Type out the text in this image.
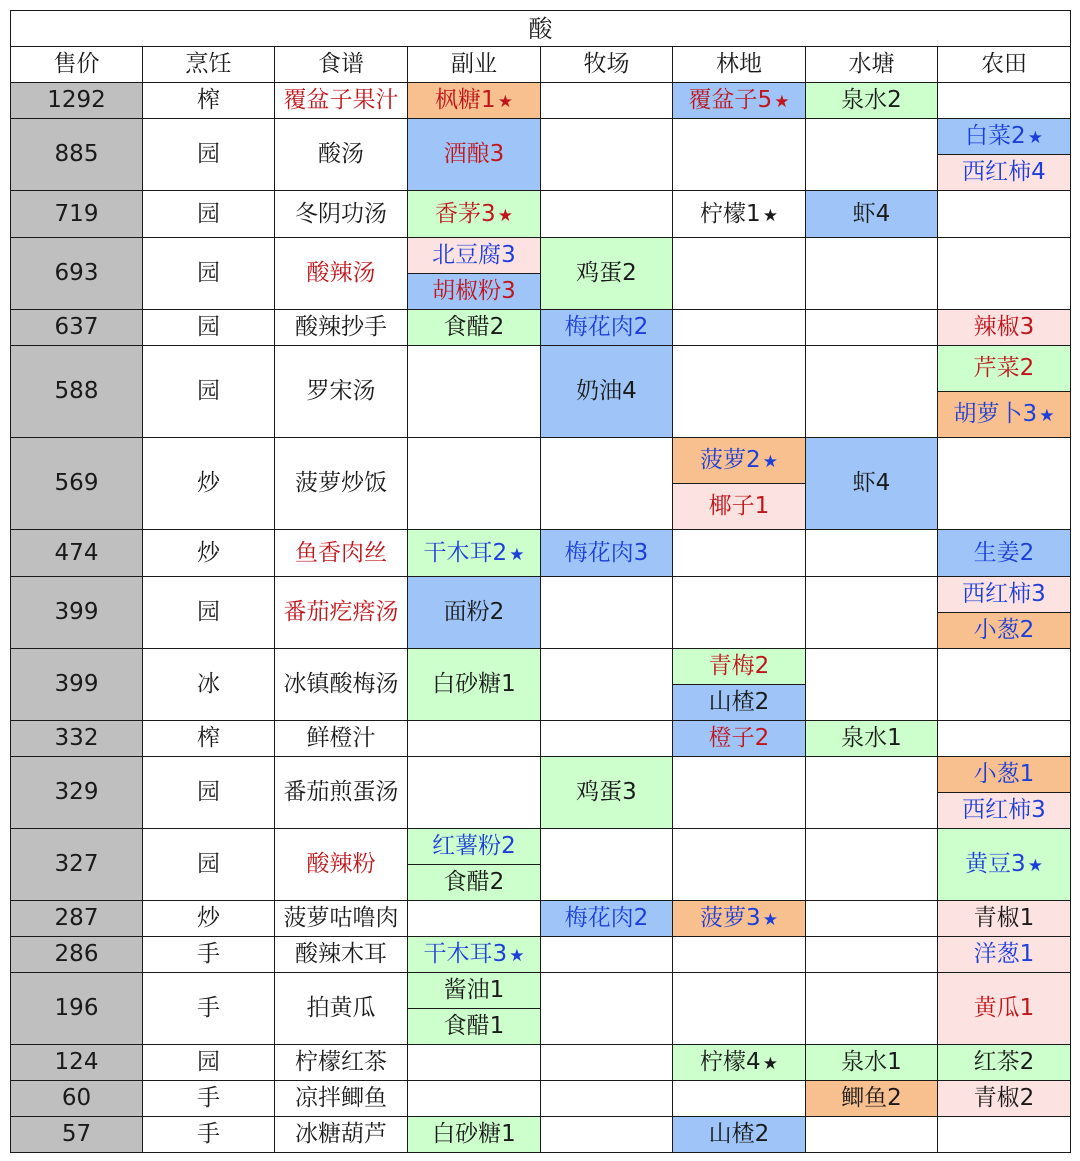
酸							
售价	烹饪	食谱	副业	牧场	林地	水塘	农田
1292	榨	覆盆子果汁	枫糖1 ★		覆盆子5 ★	泉水2	
885	园	酸汤	酒酿3				白菜2 ★
							西红柿4
719	园	冬阴功汤	香茅3 ★		柠檬1 ★	虾4	
693	园	酸辣汤	北豆腐3	鸡蛋2			
			胡椒粉3				
637	园	酸辣抄手	食醋2	梅花肉2			辣椒3
588	园	罗宋汤		奶油4			芹菜2
							胡萝卜3 ★
569	炒	菠萝炒饭			菠萝2 ★	虾4	
					椰子1		
474	炒	鱼香肉丝	干木耳2 ★	梅花肉3			生姜2
399	园	番茄疙瘩汤	面粉2				西红柿3
							小葱2
399	冰	冰镇酸梅汤	白砂糖1		青梅2		
					山楂2		
332	榨	鲜橙汁			橙子2	泉水1	
329	园	番茄煎蛋汤		鸡蛋3			小葱1
							西红柿3
327	园	酸辣粉	红薯粉2				黄豆3 ★
			食醋2				
287	炒	菠萝咕噜肉		梅花肉2	菠萝3 ★		青椒1
286	手	酸辣木耳	干木耳3 ★				洋葱1
196	手	拍黄瓜	酱油1				黄瓜1
			食醋1				
124	园	柠檬红茶			柠檬4 ★	泉水1	红茶2
60	手	凉拌鲫鱼				鲫鱼2	青椒2
57	手	冰糖葫芦	白砂糖1		山楂2		
